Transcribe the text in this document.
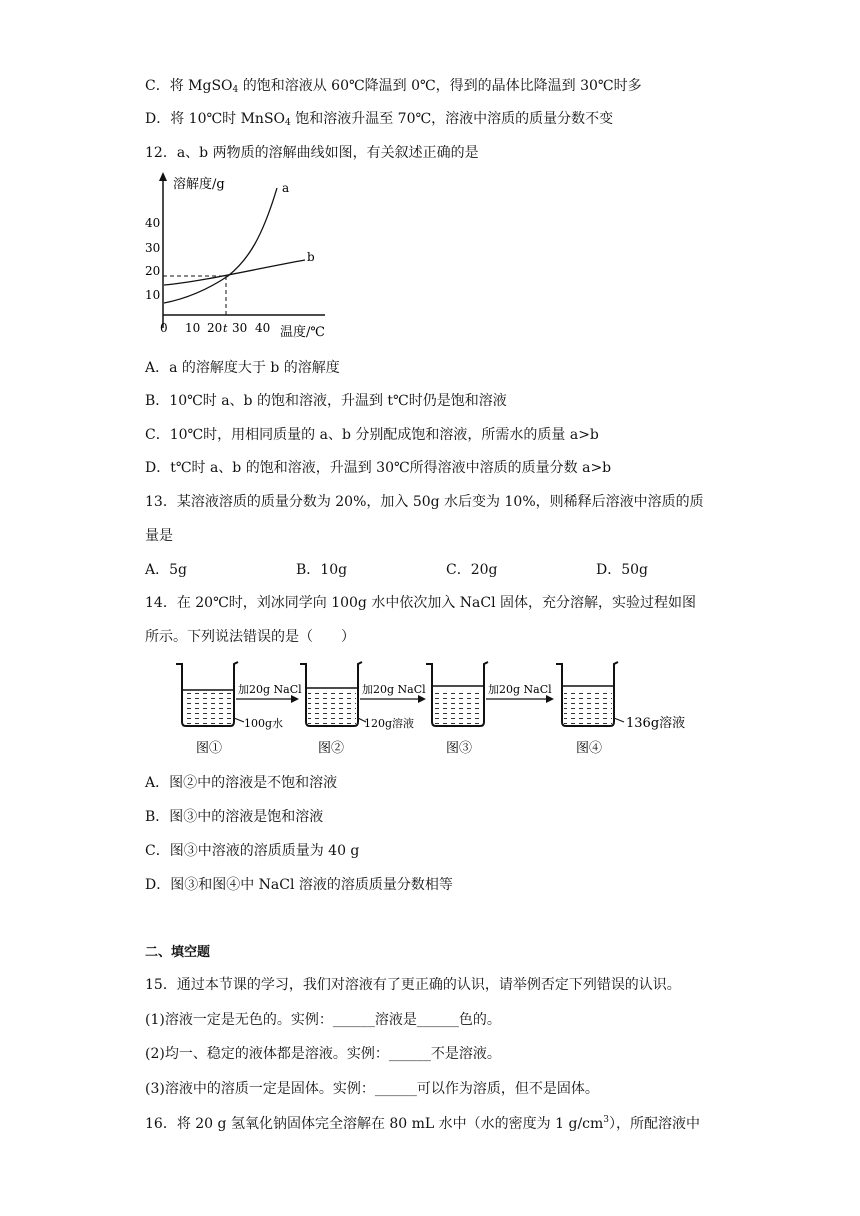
C．将 MgSO$_4$ 的饱和溶液从 60℃降温到 0℃，得到的晶体比降温到 30℃时多
D．将 10℃时 MnSO$_4$ 饱和溶液升温至 70℃，溶液中溶质的质量分数不变
12．a、b 两物质的溶解曲线如图，有关叙述正确的是
溶解度/g
40
30
20
10
0 10 20 t 30 40 温度/℃
a
b
A．a 的溶解度大于 b 的溶解度
B．10℃时 a、b 的饱和溶液，升温到 t℃时仍是饱和溶液
C．10℃时，用相同质量的 a、b 分别配成饱和溶液，所需水的质量 a>b
D．t℃时 a、b 的饱和溶液，升温到 30℃所得溶液中溶质的质量分数 a>b
13．某溶液溶质的质量分数为 20%，加入 50g 水后变为 10%，则稀释后溶液中溶质的质
量是
A．5g	B．10g	C．20g	D．50g
14．在 20℃时，刘冰同学向 100g 水中依次加入 NaCl 固体，充分溶解，实验过程如图
所示。下列说法错误的是（　　）
100g水
加20g NaCl
120g溶液
加20g NaCl	加20g NaCl
136g溶液
图①	图②	图③	图④
A．图②中的溶液是不饱和溶液
B．图③中的溶液是饱和溶液
C．图③中溶液的溶质质量为 40 g
D．图③和图④中 NaCl 溶液的溶质质量分数相等
二、填空题
15．通过本节课的学习，我们对溶液有了更正确的认识，请举例否定下列错误的认识。
(1)溶液一定是无色的。实例：______溶液是______色的。
(2)均一、稳定的液体都是溶液。实例：______不是溶液。
(3)溶液中的溶质一定是固体。实例：______可以作为溶质，但不是固体。
16．将 20 g 氢氧化钠固体完全溶解在 80 mL 水中（水的密度为 1 $g/cm^3$），所配溶液中
